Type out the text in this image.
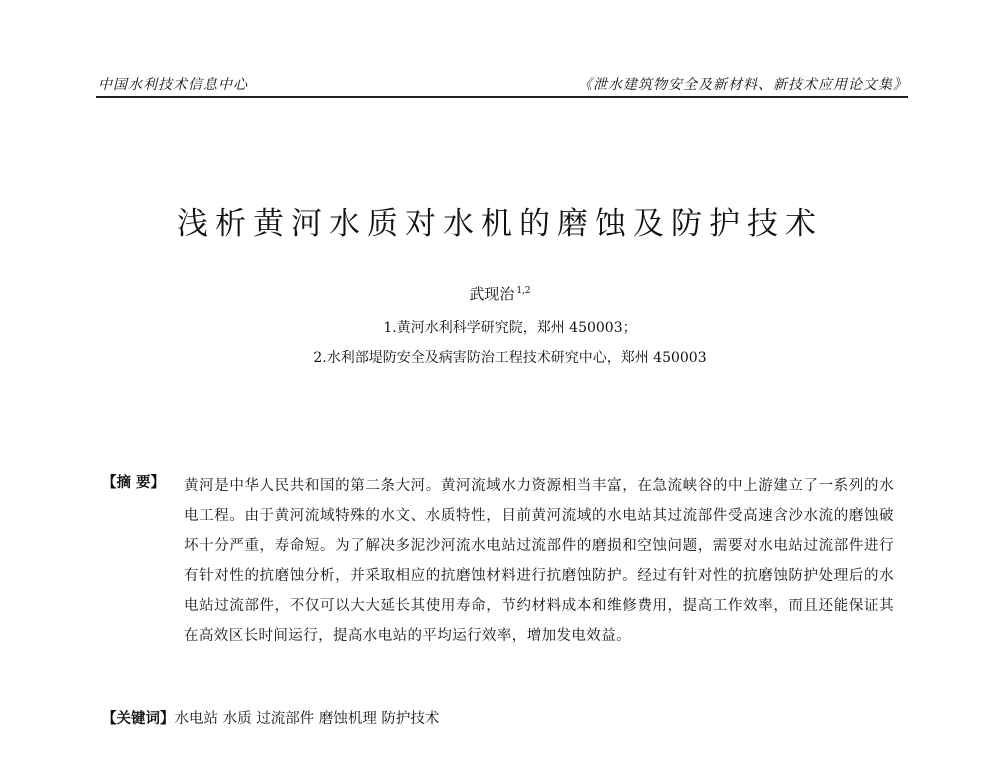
中国水利技术信息中心	《泄水建筑物安全及新材料、新技术应用论文集》
浅析黄河水质对水机的磨蚀及防护技术
武现治 $^{1,2}$
1.黄河水利科学研究院，郑州 450003；
2.水利部堤防安全及病害防治工程技术研究中心，郑州 450003
【摘 要】 黄河是中华人民共和国的第二条大河。黄河流域水力资源相当丰富，在急流峡谷的中上游建立了一系列的水电工程。由于黄河流域特殊的水文、水质特性，目前黄河流域的水电站其过流部件受高速含沙水流的磨蚀破坏十分严重，寿命短。为了解决多泥沙河流水电站过流部件的磨损和空蚀问题，需要对水电站过流部件进行有针对性的抗磨蚀分析，并采取相应的抗磨蚀材料进行抗磨蚀防护。经过有针对性的抗磨蚀防护处理后的水电站过流部件，不仅可以大大延长其使用寿命，节约材料成本和维修费用，提高工作效率，而且还能保证其在高效区长时间运行，提高水电站的平均运行效率，增加发电效益。
【关键词】水电站 水质 过流部件 磨蚀机理 防护技术
